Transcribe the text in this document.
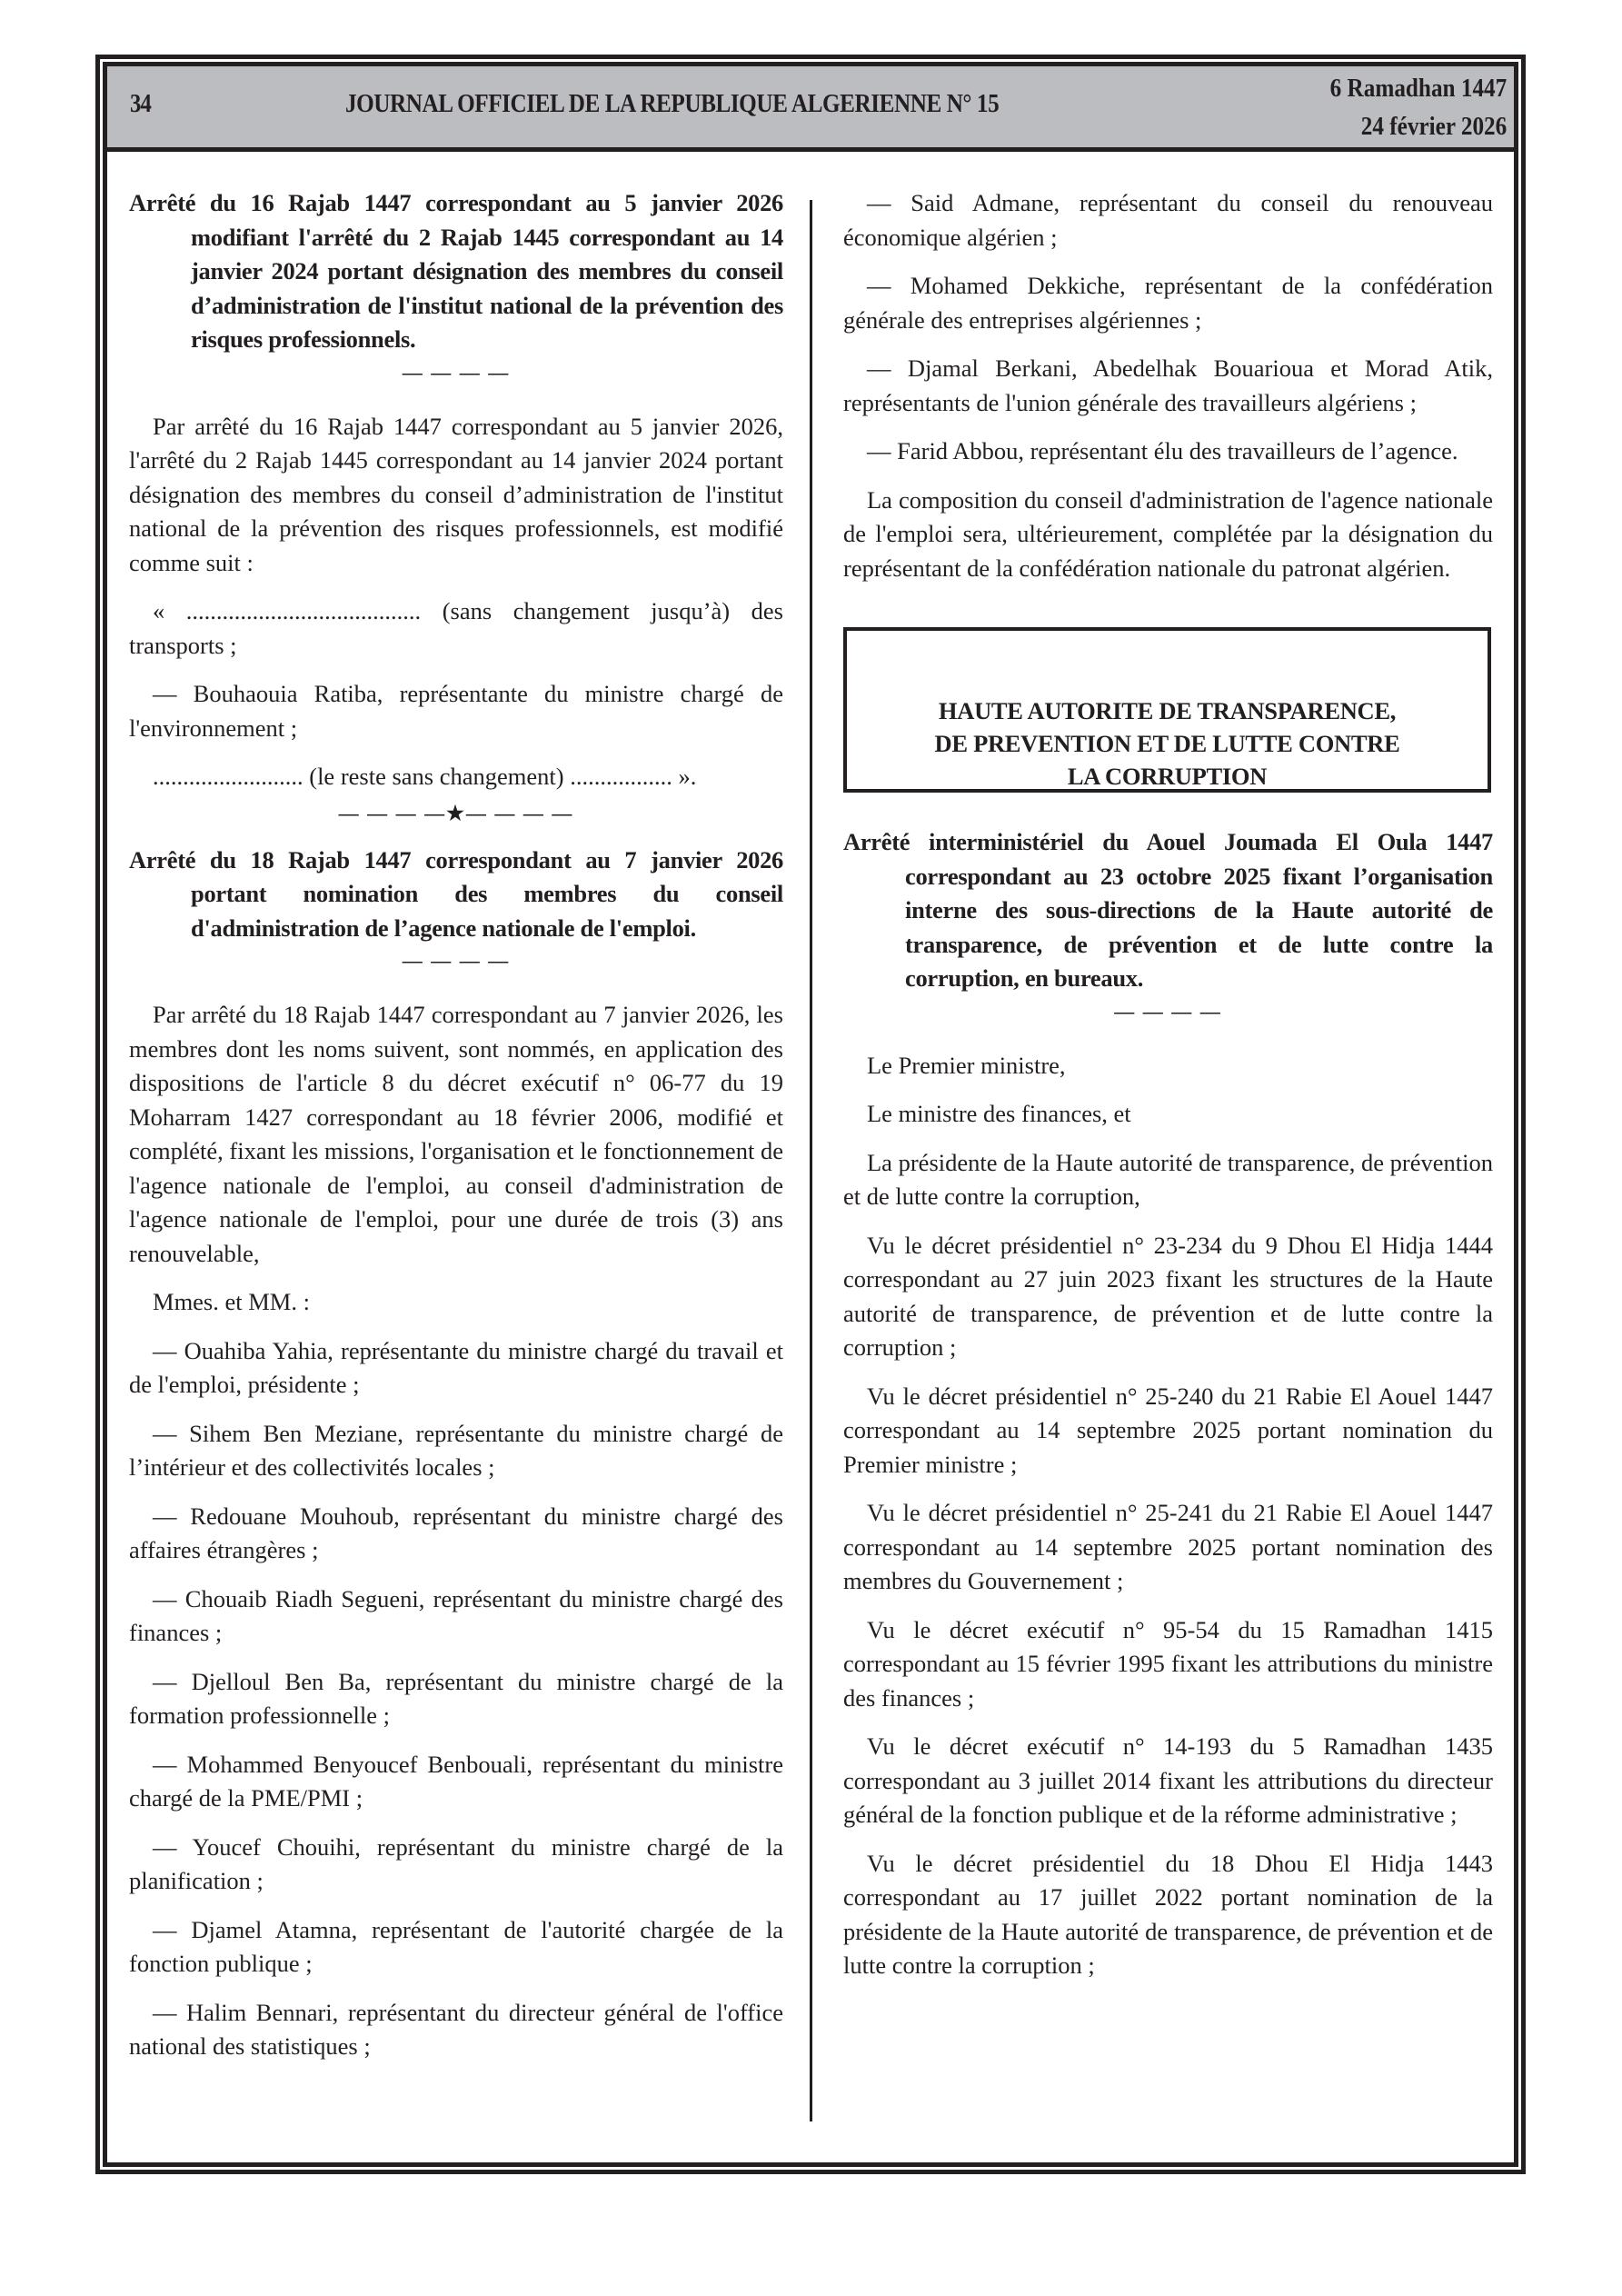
34	JOURNAL OFFICIEL DE LA REPUBLIQUE ALGERIENNE N° 15
6 Ramadhan 1447
24 février 2026

Arrêté du 16 Rajab 1447 correspondant au 5 janvier 2026 modifiant l'arrêté du 2 Rajab 1445 correspondant au 14 janvier 2024 portant désignation des membres du conseil d’administration de l'institut national de la prévention des risques professionnels.

— — — —

Par arrêté du 16 Rajab 1447 correspondant au 5 janvier 2026, l'arrêté du 2 Rajab 1445 correspondant au 14 janvier 2024 portant désignation des membres du conseil d’administration de l'institut national de la prévention des risques professionnels, est modifié comme suit :

« ....................................... (sans changement jusqu’à) des transports ;

— Bouhaouia Ratiba, représentante du ministre chargé de l'environnement ;

......................... (le reste sans changement) ................. ».

— — — —★— — — —

Arrêté du 18 Rajab 1447 correspondant au 7 janvier 2026 portant nomination des membres du conseil d'administration de l’agence nationale de l'emploi.

— — — —

Par arrêté du 18 Rajab 1447 correspondant au 7 janvier 2026, les membres dont les noms suivent, sont nommés, en application des dispositions de l'article 8 du décret exécutif n° 06-77 du 19 Moharram 1427 correspondant au 18 février 2006, modifié et complété, fixant les missions, l'organisation et le fonctionnement de l'agence nationale de l'emploi, au conseil d'administration de l'agence nationale de l'emploi, pour une durée de trois (3) ans renouvelable,

Mmes. et MM. :

— Ouahiba Yahia, représentante du ministre chargé du travail et de l'emploi, présidente ;

— Sihem Ben Meziane, représentante du ministre chargé de l’intérieur et des collectivités locales ;

— Redouane Mouhoub, représentant du ministre chargé des affaires étrangères ;

— Chouaib Riadh Segueni, représentant du ministre chargé des finances ;

— Djelloul Ben Ba, représentant du ministre chargé de la formation professionnelle ;

— Mohammed Benyoucef Benbouali, représentant du ministre chargé de la PME/PMI ;

— Youcef Chouihi, représentant du ministre chargé de la planification ;

— Djamel Atamna, représentant de l'autorité chargée de la fonction publique ;

— Halim Bennari, représentant du directeur général de l'office national des statistiques ;

— Said Admane, représentant du conseil du renouveau économique algérien ;

— Mohamed Dekkiche, représentant de la confédération générale des entreprises algériennes ;

— Djamal Berkani, Abedelhak Bouarioua et Morad Atik, représentants de l'union générale des travailleurs algériens ;

— Farid Abbou, représentant élu des travailleurs de l’agence.

La composition du conseil d'administration de l'agence nationale de l'emploi sera, ultérieurement, complétée par la désignation du représentant de la confédération nationale du patronat algérien.

HAUTE AUTORITE DE TRANSPARENCE,
DE PREVENTION ET DE LUTTE CONTRE
LA CORRUPTION

Arrêté interministériel du Aouel Joumada El Oula 1447 correspondant au 23 octobre 2025 fixant l’organisation interne des sous-directions de la Haute autorité de transparence, de prévention et de lutte contre la corruption, en bureaux.

— — — —

Le Premier ministre,

Le ministre des finances, et

La présidente de la Haute autorité de transparence, de prévention et de lutte contre la corruption,

Vu le décret présidentiel n° 23-234 du 9 Dhou El Hidja 1444 correspondant au 27 juin 2023 fixant les structures de la Haute autorité de transparence, de prévention et de lutte contre la corruption ;

Vu le décret présidentiel n° 25-240 du 21 Rabie El Aouel 1447 correspondant au 14 septembre 2025 portant nomination du Premier ministre ;

Vu le décret présidentiel n° 25-241 du 21 Rabie El Aouel 1447 correspondant au 14 septembre 2025 portant nomination des membres du Gouvernement ;

Vu le décret exécutif n° 95-54 du 15 Ramadhan 1415 correspondant au 15 février 1995 fixant les attributions du ministre des finances ;

Vu le décret exécutif n° 14-193 du 5 Ramadhan 1435 correspondant au 3 juillet 2014 fixant les attributions du directeur général de la fonction publique et de la réforme administrative ;

Vu le décret présidentiel du 18 Dhou El Hidja 1443 correspondant au 17 juillet 2022 portant nomination de la présidente de la Haute autorité de transparence, de prévention et de lutte contre la corruption ;
